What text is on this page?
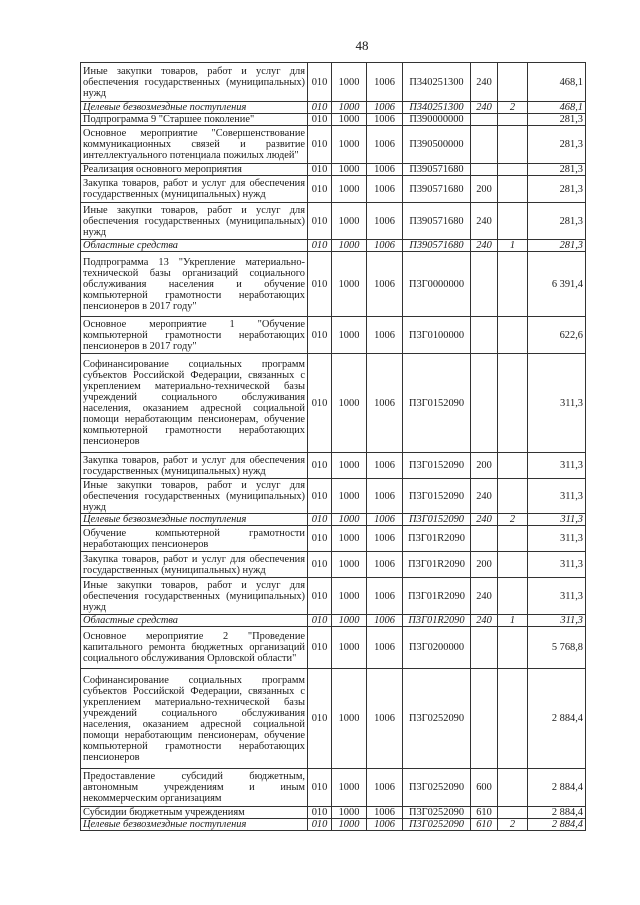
48
Иные закупки товаров, работ и услуг для обеспечения государственных (муниципальных) нужд	010	1000	1006	П340251300	240		468,1
Целевые безвозмездные поступления	010	1000	1006	П340251300	240	2	468,1
Подпрограмма 9 "Старшее поколение"	010	1000	1006	П390000000			281,3
Основное мероприятие "Совершенствование коммуникационных связей и развитие интеллектуального потенциала пожилых людей"	010	1000	1006	П390500000			281,3
Реализация основного мероприятия	010	1000	1006	П390571680			281,3
Закупка товаров, работ и услуг для обеспечения государственных (муниципальных) нужд	010	1000	1006	П390571680	200		281,3
Иные закупки товаров, работ и услуг для обеспечения государственных (муниципальных) нужд	010	1000	1006	П390571680	240		281,3
Областные средства	010	1000	1006	П390571680	240	1	281,3
Подпрограмма 13 "Укрепление материально-технической базы организаций социального обслуживания населения и обучение компьютерной грамотности неработающих пенсионеров в 2017 году"	010	1000	1006	П3Г0000000			6 391,4
Основное мероприятие 1 "Обучение компьютерной грамотности неработающих пенсионеров в 2017 году"	010	1000	1006	П3Г0100000			622,6
Софинансирование социальных программ субъектов Российской Федерации, связанных с укреплением материально-технической базы учреждений социального обслуживания населения, оказанием адресной социальной помощи неработающим пенсионерам, обучение компьютерной грамотности неработающих пенсионеров	010	1000	1006	П3Г0152090			311,3
Закупка товаров, работ и услуг для обеспечения государственных (муниципальных) нужд	010	1000	1006	П3Г0152090	200		311,3
Иные закупки товаров, работ и услуг для обеспечения государственных (муниципальных) нужд	010	1000	1006	П3Г0152090	240		311,3
Целевые безвозмездные поступления	010	1000	1006	П3Г0152090	240	2	311,3
Обучение компьютерной грамотности неработающих пенсионеров	010	1000	1006	П3Г01R2090			311,3
Закупка товаров, работ и услуг для обеспечения государственных (муниципальных) нужд	010	1000	1006	П3Г01R2090	200		311,3
Иные закупки товаров, работ и услуг для обеспечения государственных (муниципальных) нужд	010	1000	1006	П3Г01R2090	240		311,3
Областные средства	010	1000	1006	П3Г01R2090	240	1	311,3
Основное мероприятие 2 "Проведение капитального ремонта бюджетных организаций социального обслуживания Орловской области"	010	1000	1006	П3Г0200000			5 768,8
Софинансирование социальных программ субъектов Российской Федерации, связанных с укреплением материально-технической базы учреждений социального обслуживания населения, оказанием адресной социальной помощи неработающим пенсионерам, обучение компьютерной грамотности неработающих пенсионеров	010	1000	1006	П3Г0252090			2 884,4
Предоставление субсидий бюджетным, автономным учреждениям и иным некоммерческим организациям	010	1000	1006	П3Г0252090	600		2 884,4
Субсидии бюджетным учреждениям	010	1000	1006	П3Г0252090	610		2 884,4
Целевые безвозмездные поступления	010	1000	1006	П3Г0252090	610	2	2 884,4
